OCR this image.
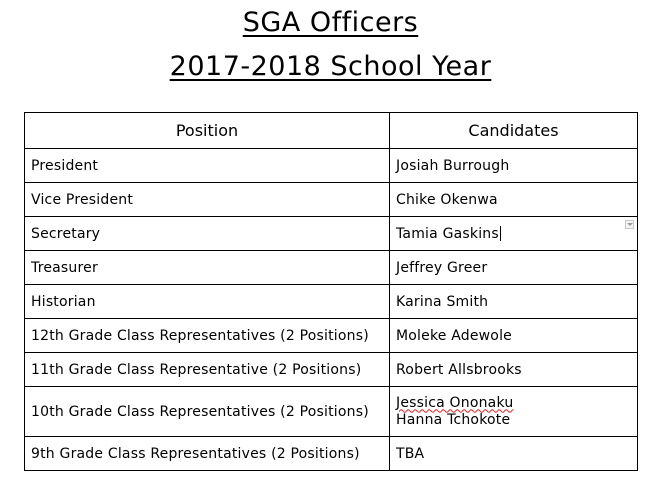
SGA Officers

2017-2018 School Year

Position	Candidates
President	Josiah Burrough
Vice President	Chike Okenwa
Secretary	Tamia Gaskins

Treasurer	Jeffrey Greer
Historian	Karina Smith
12th Grade Class Representatives (2 Positions)	Moleke Adewole
11th Grade Class Representative (2 Positions)	Robert Allsbrooks
10th Grade Class Representatives (2 Positions)	Jessica Ononaku
Hanna Tchokote

9th Grade Class Representatives (2 Positions)	TBA
